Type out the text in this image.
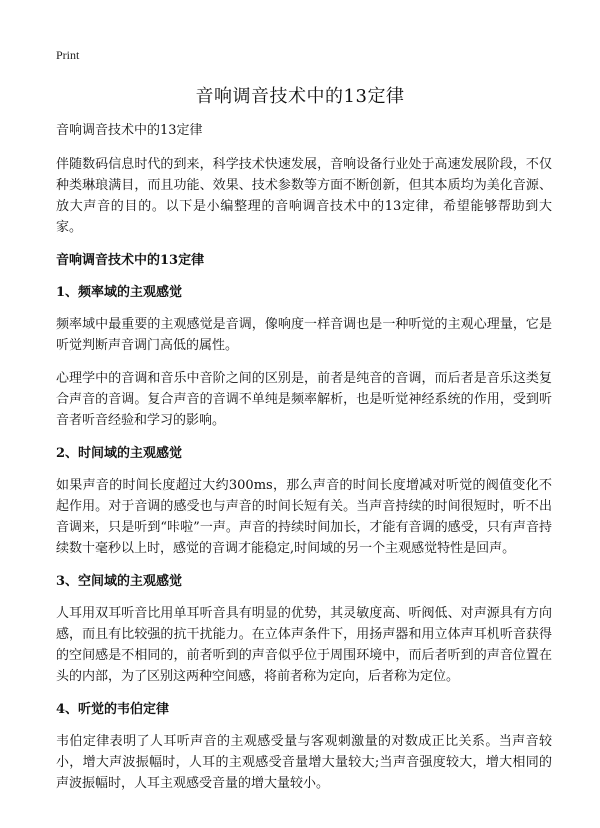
Print
音响调音技术中的13定律
音响调音技术中的13定律

伴随数码信息时代的到来，科学技术快速发展，音响设备行业处于高速发展阶段，不仅种类琳琅满目，而且功能、效果、技术参数等方面不断创新，但其本质均为美化音源、放大声音的目的。以下是小编整理的音响调音技术中的13定律，希望能够帮助到大家。

音响调音技术中的13定律
1、频率域的主观感觉

频率域中最重要的主观感觉是音调，像响度一样音调也是一种听觉的主观心理量，它是听觉判断声音调门高低的属性。

心理学中的音调和音乐中音阶之间的区别是，前者是纯音的音调，而后者是音乐这类复合声音的音调。复合声音的音调不单纯是频率解析，也是听觉神经系统的作用，受到听音者听音经验和学习的影响。

2、时间域的主观感觉

如果声音的时间长度超过大约300ms，那么声音的时间长度增减对听觉的阀值变化不起作用。对于音调的感受也与声音的时间长短有关。当声音持续的时间很短时，听不出音调来，只是听到“咔啦”一声。声音的持续时间加长，才能有音调的感受，只有声音持续数十毫秒以上时，感觉的音调才能稳定,时间域的另一个主观感觉特性是回声。

3、空间域的主观感觉

人耳用双耳听音比用单耳听音具有明显的优势，其灵敏度高、听阀低、对声源具有方向感，而且有比较强的抗干扰能力。在立体声条件下，用扬声器和用立体声耳机听音获得的空间感是不相同的，前者听到的声音似乎位于周围环境中，而后者听到的声音位置在头的内部，为了区别这两种空间感，将前者称为定向，后者称为定位。

4、听觉的韦伯定律

韦伯定律表明了人耳听声音的主观感受量与客观刺激量的对数成正比关系。当声音较小，增大声波振幅时，人耳的主观感受音量增大量较大;当声音强度较大，增大相同的声波振幅时，人耳主观感受音量的增大量较小。
